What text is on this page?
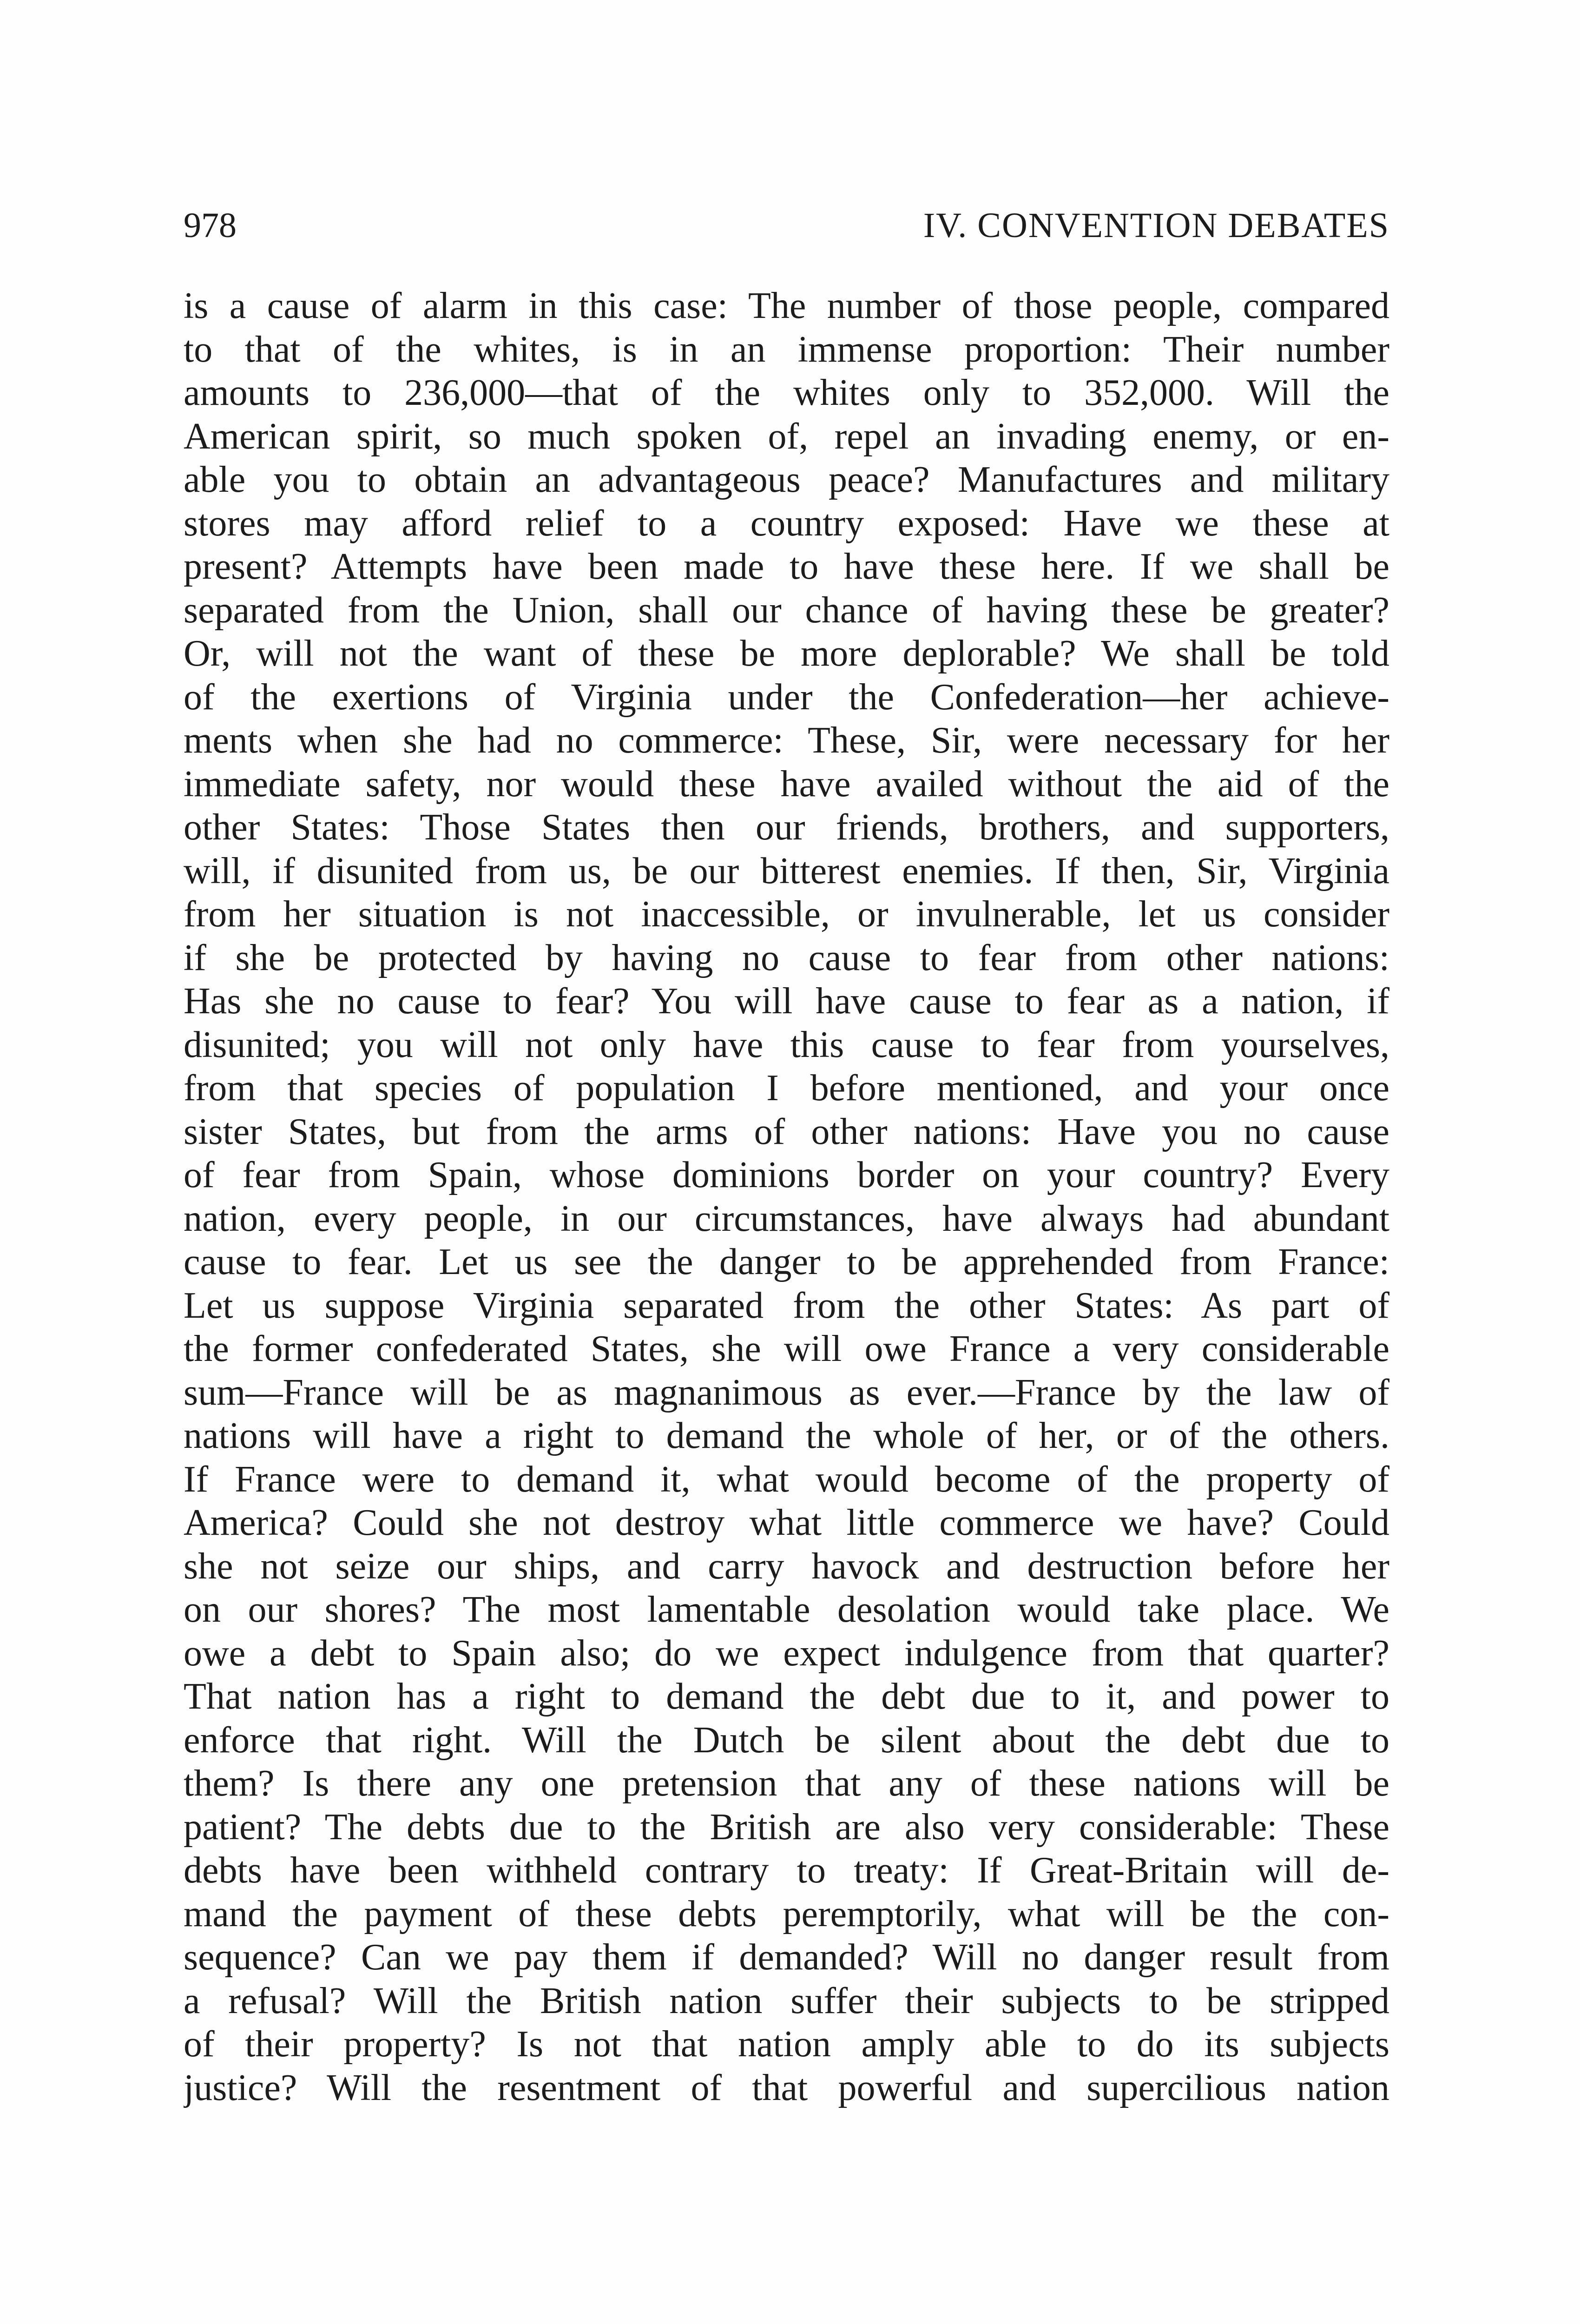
978	IV. CONVENTION DEBATES
is a cause of alarm in this case: The number of those people, compared
to that of the whites, is in an immense proportion: Their number
amounts to 236,000—that of the whites only to 352,000. Will the
American spirit, so much spoken of, repel an invading enemy, or en-
able you to obtain an advantageous peace? Manufactures and military
stores may afford relief to a country exposed: Have we these at
present? Attempts have been made to have these here. If we shall be
separated from the Union, shall our chance of having these be greater?
Or, will not the want of these be more deplorable? We shall be told
of the exertions of Virginia under the Confederation—her achieve-
ments when she had no commerce: These, Sir, were necessary for her
immediate safety, nor would these have availed without the aid of the
other States: Those States then our friends, brothers, and supporters,
will, if disunited from us, be our bitterest enemies. If then, Sir, Virginia
from her situation is not inaccessible, or invulnerable, let us consider
if she be protected by having no cause to fear from other nations:
Has she no cause to fear? You will have cause to fear as a nation, if
disunited; you will not only have this cause to fear from yourselves,
from that species of population I before mentioned, and your once
sister States, but from the arms of other nations: Have you no cause
of fear from Spain, whose dominions border on your country? Every
nation, every people, in our circumstances, have always had abundant
cause to fear. Let us see the danger to be apprehended from France:
Let us suppose Virginia separated from the other States: As part of
the former confederated States, she will owe France a very considerable
sum—France will be as magnanimous as ever.—France by the law of
nations will have a right to demand the whole of her, or of the others.
If France were to demand it, what would become of the property of
America? Could she not destroy what little commerce we have? Could
she not seize our ships, and carry havock and destruction before her
on our shores? The most lamentable desolation would take place. We
owe a debt to Spain also; do we expect indulgence from that quarter?
That nation has a right to demand the debt due to it, and power to
enforce that right. Will the Dutch be silent about the debt due to
them? Is there any one pretension that any of these nations will be
patient? The debts due to the British are also very considerable: These
debts have been withheld contrary to treaty: If Great-Britain will de-
mand the payment of these debts peremptorily, what will be the con-
sequence? Can we pay them if demanded? Will no danger result from
a refusal? Will the British nation suffer their subjects to be stripped
of their property? Is not that nation amply able to do its subjects
justice? Will the resentment of that powerful and supercilious nation
